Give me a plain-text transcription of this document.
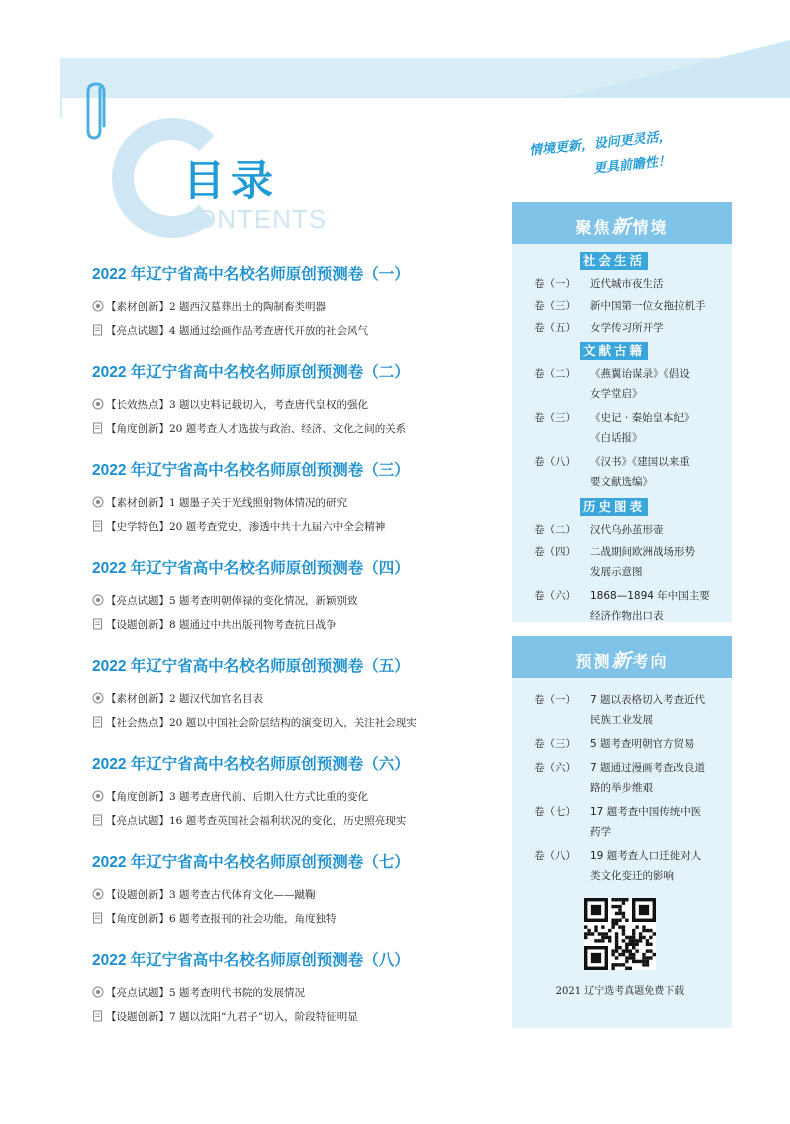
目录
ONTENTS
情境更新，设问更灵活，
更具前瞻性！
2022 年辽宁省高中名校名师原创预测卷（一）
【素材创新】 2 题西汉墓葬出土的陶制畜类明器
【亮点试题】 4 题通过绘画作品考查唐代开放的社会风气
2022 年辽宁省高中名校名师原创预测卷（二）
【长效热点】 3 题以史料记载切入，考查唐代皇权的强化
【角度创新】 20 题考查人才选拔与政治、经济、文化之间的关系
2022 年辽宁省高中名校名师原创预测卷（三）
【素材创新】 1 题墨子关于光线照射物体情况的研究
【史学特色】 20 题考查党史，渗透中共十九届六中全会精神
2022 年辽宁省高中名校名师原创预测卷（四）
【亮点试题】 5 题考查明朝俸禄的变化情况，新颖别致
【设题创新】 8 题通过中共出版刊物考查抗日战争
2022 年辽宁省高中名校名师原创预测卷（五）
【素材创新】 2 题汉代加官名目表
【社会热点】 20 题以中国社会阶层结构的演变切入，关注社会现实
2022 年辽宁省高中名校名师原创预测卷（六）
【角度创新】 3 题考查唐代前、后期入仕方式比重的变化
【亮点试题】 16 题考查英国社会福利状况的变化，历史照亮现实
2022 年辽宁省高中名校名师原创预测卷（七）
【设题创新】 3 题考查古代体育文化——蹴鞠
【角度创新】 6 题考查报刊的社会功能，角度独特
2022 年辽宁省高中名校名师原创预测卷（八）
【亮点试题】 5 题考查明代书院的发展情况
【设题创新】 7 题以沈阳“九君子”切入，阶段特征明显
聚焦新情境
社会生活
卷（一） 近代城市夜生活
卷（三） 新中国第一位女拖拉机手
卷（五） 女学传习所开学
文献古籍
卷（二） 《燕翼诒谋录》《倡设
女学堂启》
卷（三） 《史记 · 秦始皇本纪》
《白话报》
卷（八） 《汉书》《建国以来重
要文献选编》
历史图表
卷（二） 汉代乌孙茧形壶
卷（四） 二战期间欧洲战场形势
发展示意图
卷（六） 1868—1894 年中国主要
经济作物出口表
预测新考向
卷（一） 7 题以表格切入考查近代
民族工业发展
卷（三） 5 题考查明朝官方贸易
卷（六） 7 题通过漫画考查改良道
路的举步维艰
卷（七） 17 题考查中国传统中医
药学
卷（八） 19 题考查人口迁徙对人
类文化变迁的影响
2021 辽宁选考真题免费下载
